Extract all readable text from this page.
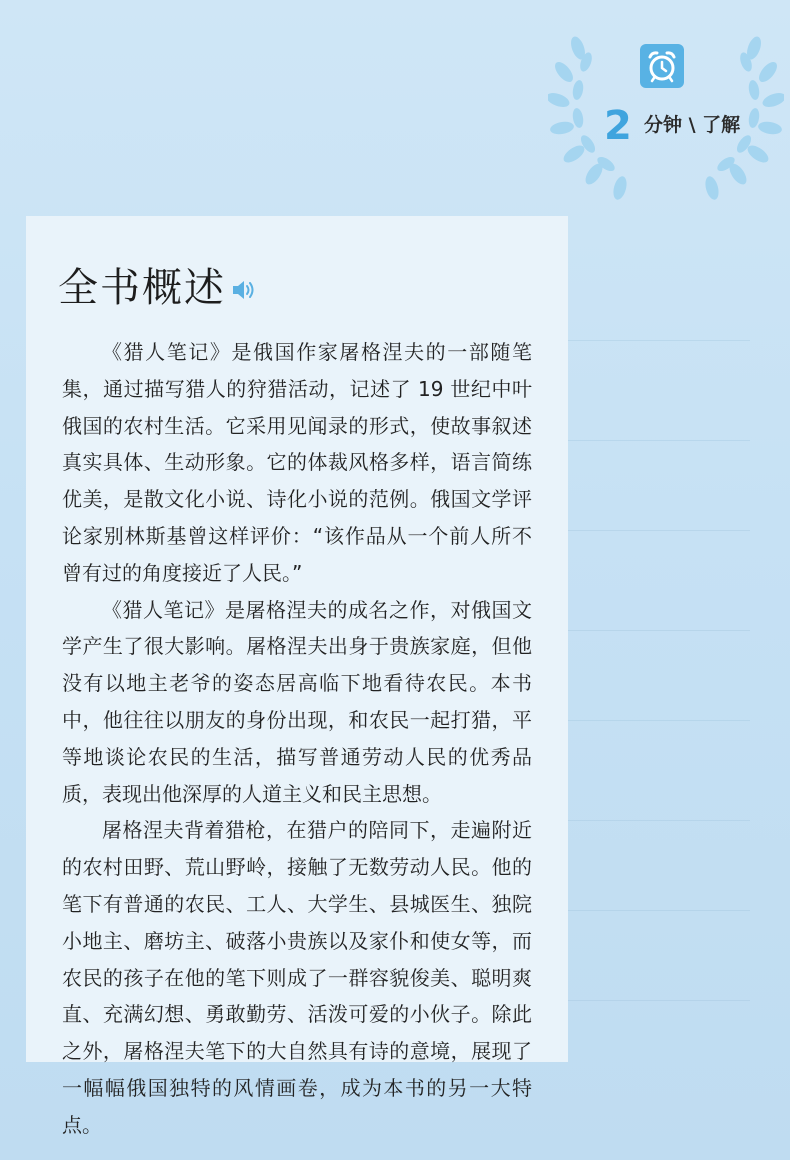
2 分钟 \ 了解
全书概述

《猎人笔记》是俄国作家屠格涅夫的一部随笔集，通过描写猎人的狩猎活动，记述了 19 世纪中叶俄国的农村生活。它采用见闻录的形式，使故事叙述真实具体、生动形象。它的体裁风格多样，语言简练优美，是散文化小说、诗化小说的范例。俄国文学评论家别林斯基曾这样评价：“该作品从一个前人所不曾有过的角度接近了人民。”

《猎人笔记》是屠格涅夫的成名之作，对俄国文学产生了很大影响。屠格涅夫出身于贵族家庭，但他没有以地主老爷的姿态居高临下地看待农民。本书中，他往往以朋友的身份出现，和农民一起打猎，平等地谈论农民的生活，描写普通劳动人民的优秀品质，表现出他深厚的人道主义和民主思想。

屠格涅夫背着猎枪，在猎户的陪同下，走遍附近的农村田野、荒山野岭，接触了无数劳动人民。他的笔下有普通的农民、工人、大学生、县城医生、独院小地主、磨坊主、破落小贵族以及家仆和使女等，而农民的孩子在他的笔下则成了一群容貌俊美、聪明爽直、充满幻想、勇敢勤劳、活泼可爱的小伙子。除此之外，屠格涅夫笔下的大自然具有诗的意境，展现了一幅幅俄国独特的风情画卷，成为本书的另一大特点。
